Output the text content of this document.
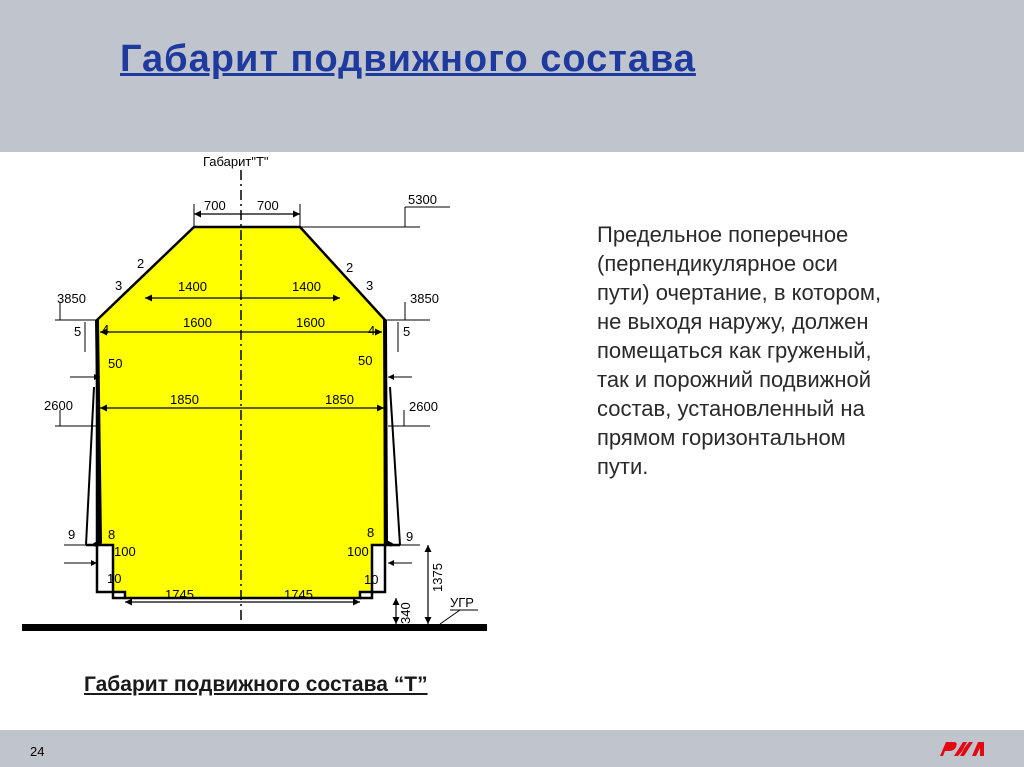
Габарит подвижного состава
Габарит"Т"
700 700	5300
1400	1400
2	2
3	3
1600	1600
4	4
3850
5
3850
5
50	50
1850	1850
2600	2600
9	8
100
10
8 9
100
10
1745	1745
1375
340	УГР
Предельное поперечное
(перпендикулярное оси
пути) очертание, в котором,
не выходя наружу, должен
помещаться как груженый,
так и порожний подвижной
состав, установленный на
прямом горизонтальном
пути.
Габарит подвижного состава “Т”
24
